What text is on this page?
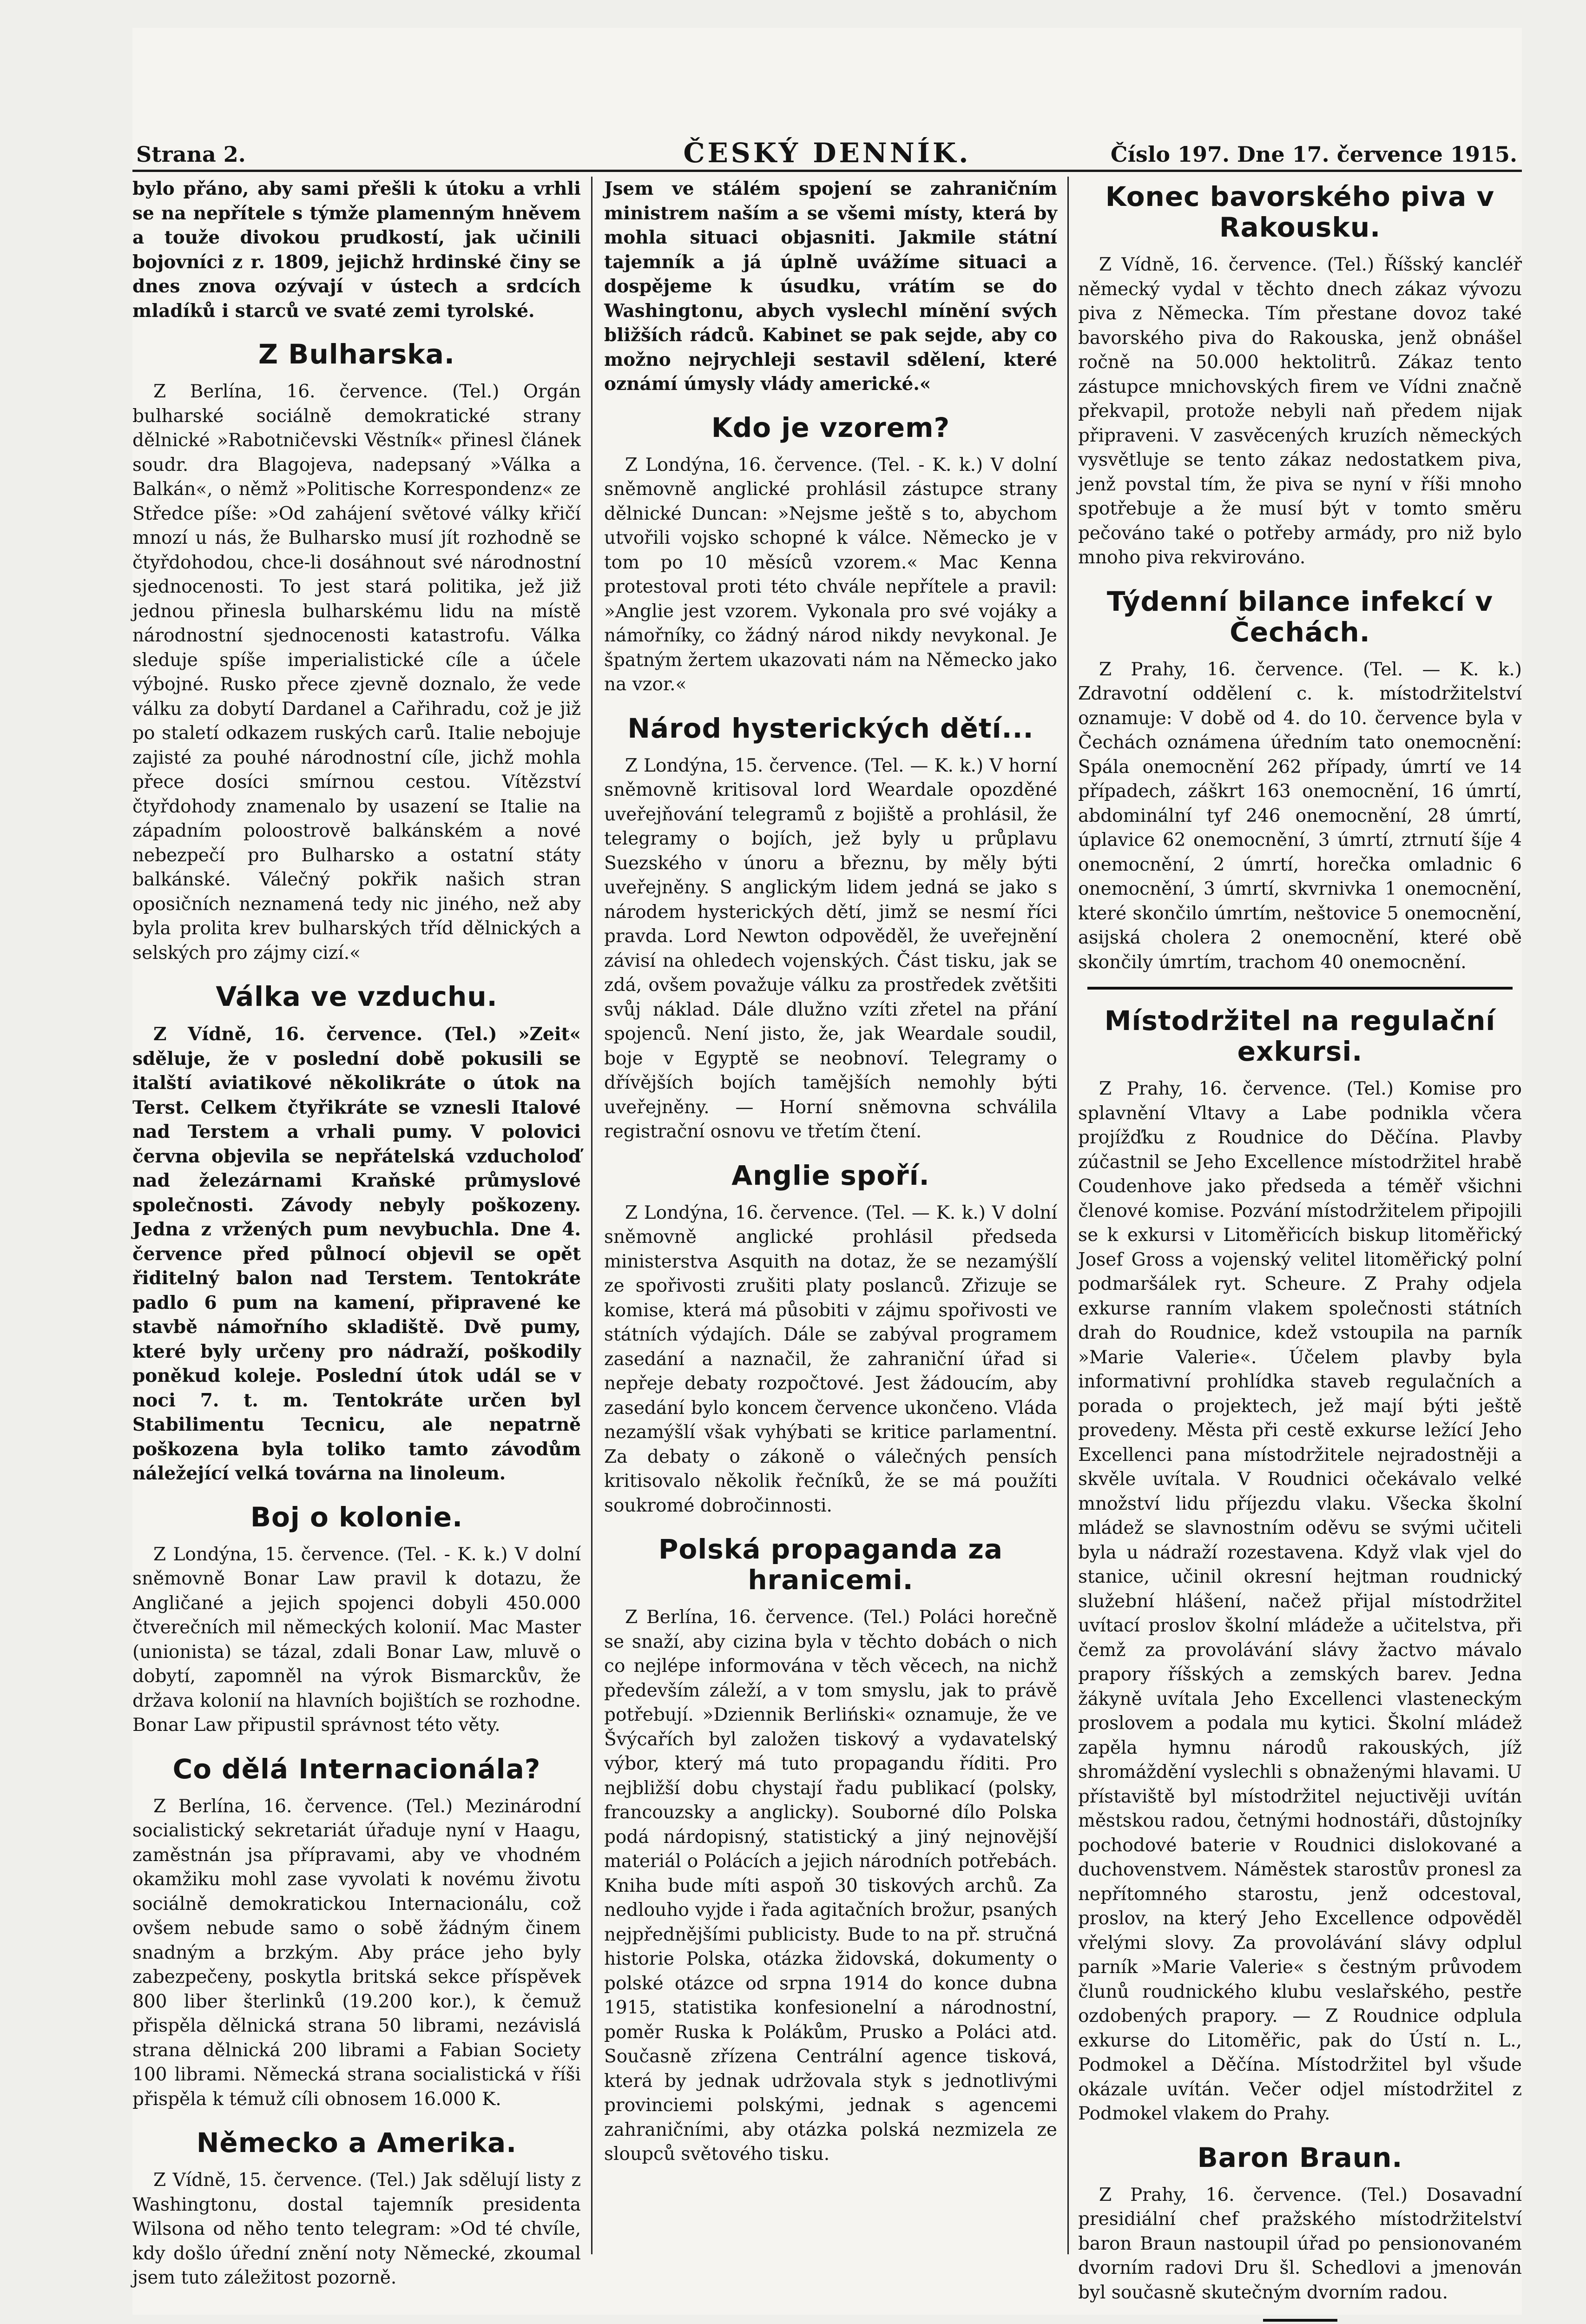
Strana 2.	ČESKÝ DENNÍK.	Číslo 197. Dne 17. července 1915.

bylo přáno, aby sami přešli k útoku a vrhli se na nepřítele s týmže plamenným hněvem a touže divokou prudkostí, jak učinili bojovníci z r. 1809, jejichž hrdinské činy se dnes znova ozývají v ústech a srdcích mladíků i starců ve svaté zemi tyrolské.

Z Bulharska.

Z Berlína, 16. července. (Tel.) Orgán bulharské sociálně demokratické strany dělnické »Rabotničevski Věstník« přinesl článek soudr. dra Blagojeva, nadepsaný »Válka a Balkán«, o němž »Politische Korrespondenz« ze Středce píše: »Od zahájení světové války křičí mnozí u nás, že Bulharsko musí jít rozhodně se čtyřdohodou, chce-li dosáhnout své národnostní sjednocenosti. To jest stará politika, jež již jednou přinesla bulharskému lidu na místě národnostní sjednocenosti katastrofu. Válka sleduje spíše imperialistické cíle a účele výbojné. Rusko přece zjevně doznalo, že vede válku za dobytí Dardanel a Cařihradu, což je již po staletí odkazem ruských carů. Italie nebojuje zajisté za pouhé národnostní cíle, jichž mohla přece dosíci smírnou cestou. Vítězství čtyřdohody znamenalo by usazení se Italie na západním poloostrově balkánském a nové nebezpečí pro Bulharsko a ostatní státy balkánské. Válečný pokřik našich stran oposičních neznamená tedy nic jiného, než aby byla prolita krev bulharských tříd dělnických a selských pro zájmy cizí.«

Válka ve vzduchu.

Z Vídně, 16. července. (Tel.) »Zeit« sděluje, že v poslední době pokusili se italští aviatikové několikráte o útok na Terst. Celkem čtyřikráte se vznesli Italové nad Terstem a vrhali pumy. V polovici června objevila se nepřátelská vzducholoď nad železárnami Kraňské průmyslové společnosti. Závody nebyly poškozeny. Jedna z vržených pum nevybuchla. Dne 4. července před půlnocí objevil se opět řiditelný balon nad Terstem. Tentokráte padlo 6 pum na kamení, připravené ke stavbě námořního skladiště. Dvě pumy, které byly určeny pro nádraží, poškodily poněkud koleje. Poslední útok udál se v noci 7. t. m. Tentokráte určen byl Stabilimentu Tecnicu, ale nepatrně poškozena byla toliko tamto závodům náležející velká továrna na linoleum.

Boj o kolonie.

Z Londýna, 15. července. (Tel. - K. k.) V dolní sněmovně Bonar Law pravil k dotazu, že Angličané a jejich spojenci dobyli 450.000 čtverečních mil německých kolonií. Mac Master (unionista) se tázal, zdali Bonar Law, mluvě o dobytí, zapomněl na výrok Bismarckův, že država kolonií na hlavních bojištích se rozhodne. Bonar Law připustil správnost této věty.

Co dělá Internacionála?

Z Berlína, 16. července. (Tel.) Mezinárodní socialistický sekretariát úřaduje nyní v Haagu, zaměstnán jsa přípravami, aby ve vhodném okamžiku mohl zase vyvolati k novému životu sociálně demokratickou Internacionálu, což ovšem nebude samo o sobě žádným činem snadným a brzkým. Aby práce jeho byly zabezpečeny, poskytla britská sekce příspěvek 800 liber šterlinků (19.200 kor.), k čemuž přispěla dělnická strana 50 librami, nezávislá strana dělnická 200 librami a Fabian Society 100 librami. Německá strana socialistická v říši přispěla k témuž cíli obnosem 16.000 K.

Německo a Amerika.

Z Vídně, 15. července. (Tel.) Jak sdělují listy z Washingtonu, dostal tajemník presidenta Wilsona od něho tento telegram: »Od té chvíle, kdy došlo úřední znění noty Německé, zkoumal jsem tuto záležitost pozorně.

Jsem ve stálém spojení se zahraničním ministrem naším a se všemi místy, která by mohla situaci objasniti. Jakmile státní tajemník a já úplně uvážíme situaci a dospějeme k úsudku, vrátím se do Washingtonu, abych vyslechl mínění svých bližších rádců. Kabinet se pak sejde, aby co možno nejrychleji sestavil sdělení, které oznámí úmysly vlády americké.«

Kdo je vzorem?

Z Londýna, 16. července. (Tel. - K. k.) V dolní sněmovně anglické prohlásil zástupce strany dělnické Duncan: »Nejsme ještě s to, abychom utvořili vojsko schopné k válce. Německo je v tom po 10 měsíců vzorem.« Mac Kenna protestoval proti této chvále nepřítele a pravil: »Anglie jest vzorem. Vykonala pro své vojáky a námořníky, co žádný národ nikdy nevykonal. Je špatným žertem ukazovati nám na Německo jako na vzor.«

Národ hysterických dětí...

Z Londýna, 15. července. (Tel. — K. k.) V horní sněmovně kritisoval lord Weardale opozděné uveřejňování telegramů z bojiště a prohlásil, že telegramy o bojích, jež byly u průplavu Suezského v únoru a březnu, by měly býti uveřejněny. S anglickým lidem jedná se jako s národem hysterických dětí, jimž se nesmí říci pravda. Lord Newton odpověděl, že uveřejnění závisí na ohledech vojenských. Část tisku, jak se zdá, ovšem považuje válku za prostředek zvětšiti svůj náklad. Dále dlužno vzíti zřetel na přání spojenců. Není jisto, že, jak Weardale soudil, boje v Egyptě se neobnoví. Telegramy o dřívějších bojích tamějších nemohly býti uveřejněny. — Horní sněmovna schválila registrační osnovu ve třetím čtení.

Anglie spoří.

Z Londýna, 16. července. (Tel. — K. k.) V dolní sněmovně anglické prohlásil předseda ministerstva Asquith na dotaz, že se nezamýšlí ze spořivosti zrušiti platy poslanců. Zřizuje se komise, která má působiti v zájmu spořivosti ve státních výdajích. Dále se zabýval programem zasedání a naznačil, že zahraniční úřad si nepřeje debaty rozpočtové. Jest žádoucím, aby zasedání bylo koncem července ukončeno. Vláda nezamýšlí však vyhýbati se kritice parlamentní. Za debaty o zákoně o válečných pensích kritisovalo několik řečníků, že se má použíti soukromé dobročinnosti.

Polská propaganda za hranicemi.

Z Berlína, 16. července. (Tel.) Poláci horečně se snaží, aby cizina byla v těchto dobách o nich co nejlépe informována v těch věcech, na nichž především záleží, a v tom smyslu, jak to právě potřebují. »Dziennik Berliński« oznamuje, že ve Švýcařích byl založen tiskový a vydavatelský výbor, který má tuto propagandu říditi. Pro nejbližší dobu chystají řadu publikací (polsky, francouzsky a anglicky). Souborné dílo Polska podá nárdopisný, statistický a jiný nejnovější materiál o Polácích a jejich národních potřebách. Kniha bude míti aspoň 30 tiskových archů. Za nedlouho vyjde i řada agitačních brožur, psaných nejpřednějšími publicisty. Bude to na př. stručná historie Polska, otázka židovská, dokumenty o polské otázce od srpna 1914 do konce dubna 1915, statistika konfesionelní a národnostní, poměr Ruska k Polákům, Prusko a Poláci atd. Současně zřízena Centrální agence tisková, která by jednak udržovala styk s jednotlivými provinciemi polskými, jednak s agencemi zahraničními, aby otázka polská nezmizela ze sloupců světového tisku.

Konec bavorského piva v Rakousku.

Z Vídně, 16. července. (Tel.) Říšský kancléř německý vydal v těchto dnech zákaz vývozu piva z Německa. Tím přestane dovoz také bavorského piva do Rakouska, jenž obnášel ročně na 50.000 hektolitrů. Zákaz tento zástupce mnichovských firem ve Vídni značně překvapil, protože nebyli naň předem nijak připraveni. V zasvěcených kruzích německých vysvětluje se tento zákaz nedostatkem piva, jenž povstal tím, že piva se nyní v říši mnoho spotřebuje a že musí být v tomto směru pečováno také o potřeby armády, pro niž bylo mnoho piva rekvirováno.

Týdenní bilance infekcí v Čechách.

Z Prahy, 16. července. (Tel. — K. k.) Zdravotní oddělení c. k. místodržitelství oznamuje: V době od 4. do 10. července byla v Čechách oznámena úředním tato onemocnění: Spála onemocnění 262 případy, úmrtí ve 14 případech, záškrt 163 onemocnění, 16 úmrtí, abdominální tyf 246 onemocnění, 28 úmrtí, úplavice 62 onemocnění, 3 úmrtí, ztrnutí šíje 4 onemocnění, 2 úmrtí, horečka omladnic 6 onemocnění, 3 úmrtí, skvrnivka 1 onemocnění, které skončilo úmrtím, neštovice 5 onemocnění, asijská cholera 2 onemocnění, které obě skončily úmrtím, trachom 40 onemocnění.

Místodržitel na regulační exkursi.

Z Prahy, 16. července. (Tel.) Komise pro splavnění Vltavy a Labe podnikla včera projížďku z Roudnice do Děčína. Plavby zúčastnil se Jeho Excellence místodržitel hrabě Coudenhove jako předseda a téměř všichni členové komise. Pozvání místodržitelem připojili se k exkursi v Litoměřicích biskup litoměřický Josef Gross a vojenský velitel litoměřický polní podmaršálek ryt. Scheure. Z Prahy odjela exkurse ranním vlakem společnosti státních drah do Roudnice, kdež vstoupila na parník »Marie Valerie«. Účelem plavby byla informativní prohlídka staveb regulačních a porada o projektech, jež mají býti ještě provedeny. Města při cestě exkurse ležící Jeho Excellenci pana místodržitele nejradostněji a skvěle uvítala. V Roudnici očekávalo velké množství lidu příjezdu vlaku. Všecka školní mládež se slavnostním oděvu se svými učiteli byla u nádraží rozestavena. Když vlak vjel do stanice, učinil okresní hejtman roudnický služební hlášení, načež přijal místodržitel uvítací proslov školní mládeže a učitelstva, při čemž za provolávání slávy žactvo mávalo prapory říšských a zemských barev. Jedna žákyně uvítala Jeho Excellenci vlasteneckým proslovem a podala mu kytici. Školní mládež zapěla hymnu národů rakouských, jíž shromáždění vyslechli s obnaženými hlavami. U přístaviště byl místodržitel nejuctivěji uvítán městskou radou, četnými hodnostáři, důstojníky pochodové baterie v Roudnici dislokované a duchovenstvem. Náměstek starostův pronesl za nepřítomného starostu, jenž odcestoval, proslov, na který Jeho Excellence odpověděl vřelými slovy. Za provolávání slávy odplul parník »Marie Valerie« s čestným průvodem člunů roudnického klubu veslařského, pestře ozdobených prapory. — Z Roudnice odplula exkurse do Litoměřic, pak do Ústí n. L., Podmokel a Děčína. Místodržitel byl všude okázale uvítán. Večer odjel místodržitel z Podmokel vlakem do Prahy.

Baron Braun.

Z Prahy, 16. července. (Tel.) Dosavadní presidiální chef pražského místodržitelství baron Braun nastoupil úřad po pensionovaném dvorním radovi Dru šl. Schedlovi a jmenován byl současně skutečným dvorním radou.
